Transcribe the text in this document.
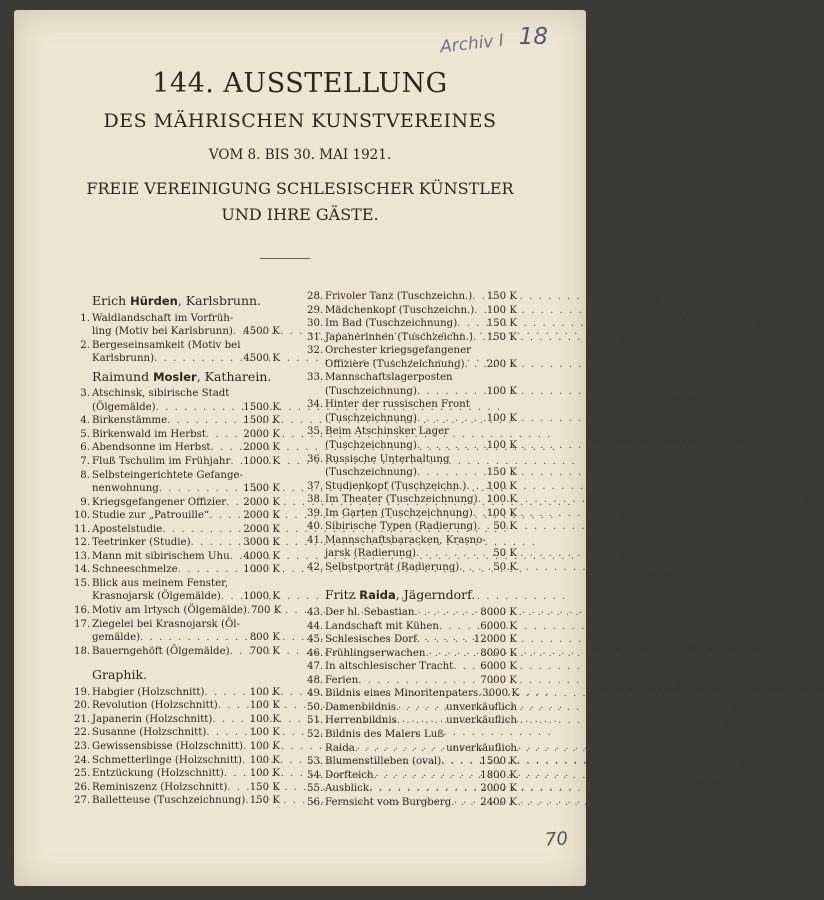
Archiv I 18
70
144. AUSSTELLUNG
DES MÄHRISCHEN KUNSTVEREINES
VOM 8. BIS 30. MAI 1921.
FREIE VEREINIGUNG SCHLESISCHER KÜNSTLER
UND IHRE GÄSTE.
Erich Hürden, Karlsbrunn.
1. Waldlandschaft im Vorfrüh-
ling (Motiv bei Karlsbrunn) . . . 4500 K
2. Bergeseinsamkeit (Motiv bei
Karlsbrunn) . . .	4500 K
Raimund Mosler, Katharein.
3. Atschinsk, sibirische Stadt
(Ölgemälde) . . .	1500 K
4. Birkenstämme . . .	1500 K
5. Birkenwald im Herbst . . .	2000 K
6. Abendsonne im Herbst . . .	2000 K
7. Fluß Tschulim im Frühjahr . . . 1000 K
8. Selbsteingerichtete Gefange-
nenwohnung . . .	1500 K
9. Kriegsgefangener Offizier . . . 2000 K
10. Studie zur „Patrouille“ . . .	2000 K
11. Apostelstudie . . .	2000 K
12. Teetrinker (Studie) . . .	3000 K
13. Mann mit sibirischem Uhu . . . 4000 K
14. Schneeschmelze . . .	1000 K
15. Blick aus meinem Fenster,
Krasnojarsk (Ölgemälde) . . . 1000 K
16. Motiv am Irtysch (Ölgemälde) . . . 700 K
17. Ziegelei bei Krasnojarsk (Öl-
gemälde) . . .	800 K
18. Bauerngehöft (Ölgemälde) . . . 700 K
Graphik.
19. Habgier (Holzschnitt) . . .	100 K
20. Revolution (Holzschnitt) . . .	100 K
21. Japanerin (Holzschnitt) . . .	100 K
22. Susanne (Holzschnitt) . . .	100 K
23. Gewissensbisse (Holzschnitt) . . . 100 K
24. Schmetterlinge (Holzschnitt) . . . 100 K
25. Entzückung (Holzschnitt) . . .	100 K
26. Reminiszenz (Holzschnitt) . . . 150 K
27. Balletteuse (Tuschzeichnung) . . . 150 K
28. Frivoler Tanz (Tuschzeichn.) . . . 150 K
29. Mädchenkopf (Tuschzeichn.) . . . 100 K
30. Im Bad (Tuschzeichnung) . . .	150 K
31. Japanerinnen (Tuschzeichn.) . . . 150 K
32. Orchester kriegsgefangener
Offiziere (Tuschzeichnung) . . . 200 K
33. Mannschaftslagerposten
(Tuschzeichnung) . . .	100 K
34. Hinter der russischen Front
(Tuschzeichnung) . . .	100 K
35. Beim Atschinsker Lager
(Tuschzeichnung) . . .	100 K
36. Russische Unterhaltung
(Tuschzeichnung) . . .	150 K
37. Studienkopf (Tuschzeichn.) . . . 100 K
38. Im Theater (Tuschzeichnung) . . . 100 K
39. Im Garten (Tuschzeichnung) . . . 100 K
40. Sibirische Typen (Radierung) . . . 50 K
41. Mannschaftsbaracken, Krasno-
jarsk (Radierung) . . .	50 K
42. Selbstporträt (Radierung) . . .	50 K
Fritz Raida, Jägerndorf.
43. Der hl. Sebastian . . .	8000 K
44. Landschaft mit Kühen . . .	6000 K
45. Schlesisches Dorf . . .	12000 K
46. Frühlingserwachen . . .	8000 K
47. In altschlesischer Tracht . . .	6000 K
48. Ferien . . .	7000 K
49. Bildnis eines Minoritenpaters . . . 3000 K
50. Damenbildnis . . .	unverkäuflich
51. Herrenbildnis . . .	unverkäuflich
52. Bildnis des Malers Luß
Raida . . .	unverkäuflich
53. Blumenstilleben (oval) . . .	1500 K
54. Dorfteich . . .	1800 K
55. Ausblick . . .	2000 K
56. Fernsicht vom Burgberg . . .	2400 K
